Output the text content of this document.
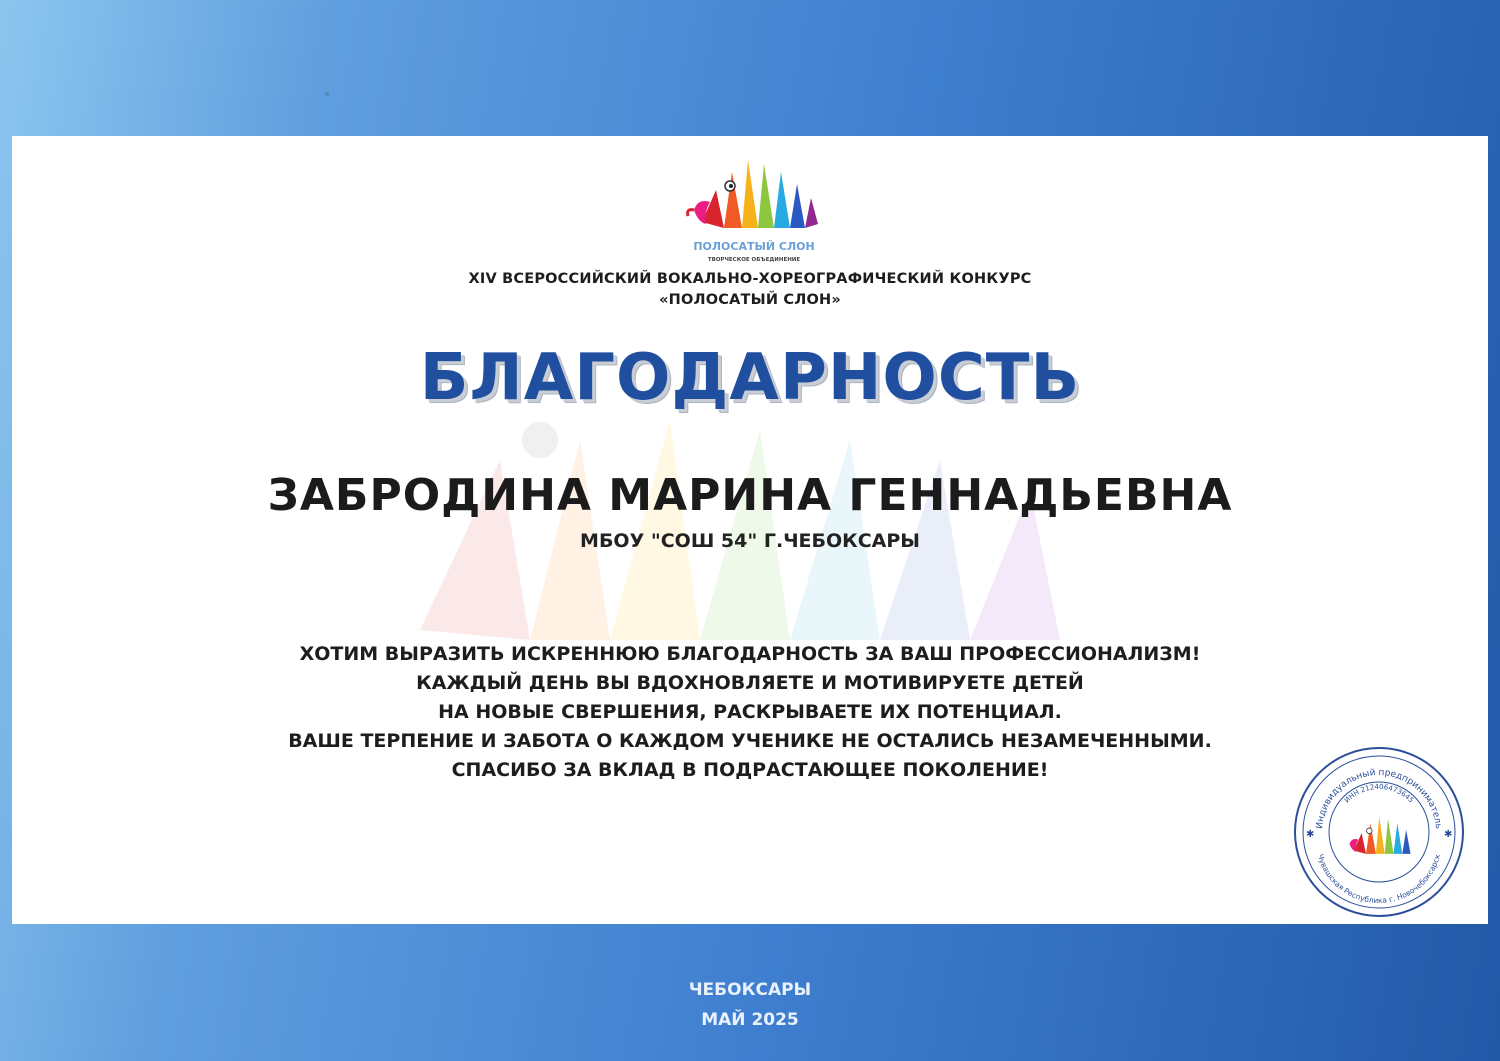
ПОЛОСАТЫЙ СЛОН
ТВОРЧЕСКОЕ ОБЪЕДИНЕНИЕ
XIV ВСЕРОССИЙСКИЙ ВОКАЛЬНО-ХОРЕОГРАФИЧЕСКИЙ КОНКУРС
«ПОЛОСАТЫЙ СЛОН»
БЛАГОДАРНОСТЬ
ЗАБРОДИНА МАРИНА ГЕННАДЬЕВНА
МБОУ "СОШ 54" Г.ЧЕБОКСАРЫ
ХОТИМ ВЫРАЗИТЬ ИСКРЕННЮЮ БЛАГОДАРНОСТЬ ЗА ВАШ ПРОФЕССИОНАЛИЗМ!
КАЖДЫЙ ДЕНЬ ВЫ ВДОХНОВЛЯЕТЕ И МОТИВИРУЕТЕ ДЕТЕЙ
НА НОВЫЕ СВЕРШЕНИЯ, РАСКРЫВАЕТЕ ИХ ПОТЕНЦИАЛ.
ВАШЕ ТЕРПЕНИЕ И ЗАБОТА О КАЖДОМ УЧЕНИКЕ НЕ ОСТАЛИСЬ НЕЗАМЕЧЕННЫМИ.
СПАСИБО ЗА ВКЛАД В ПОДРАСТАЮЩЕЕ ПОКОЛЕНИЕ!
Индивидуальный предприниматель
ИНН 212406473645
Чувашская Республика г. Новочебоксарск
✱	✱
ЧЕБОКСАРЫ
МАЙ 2025
